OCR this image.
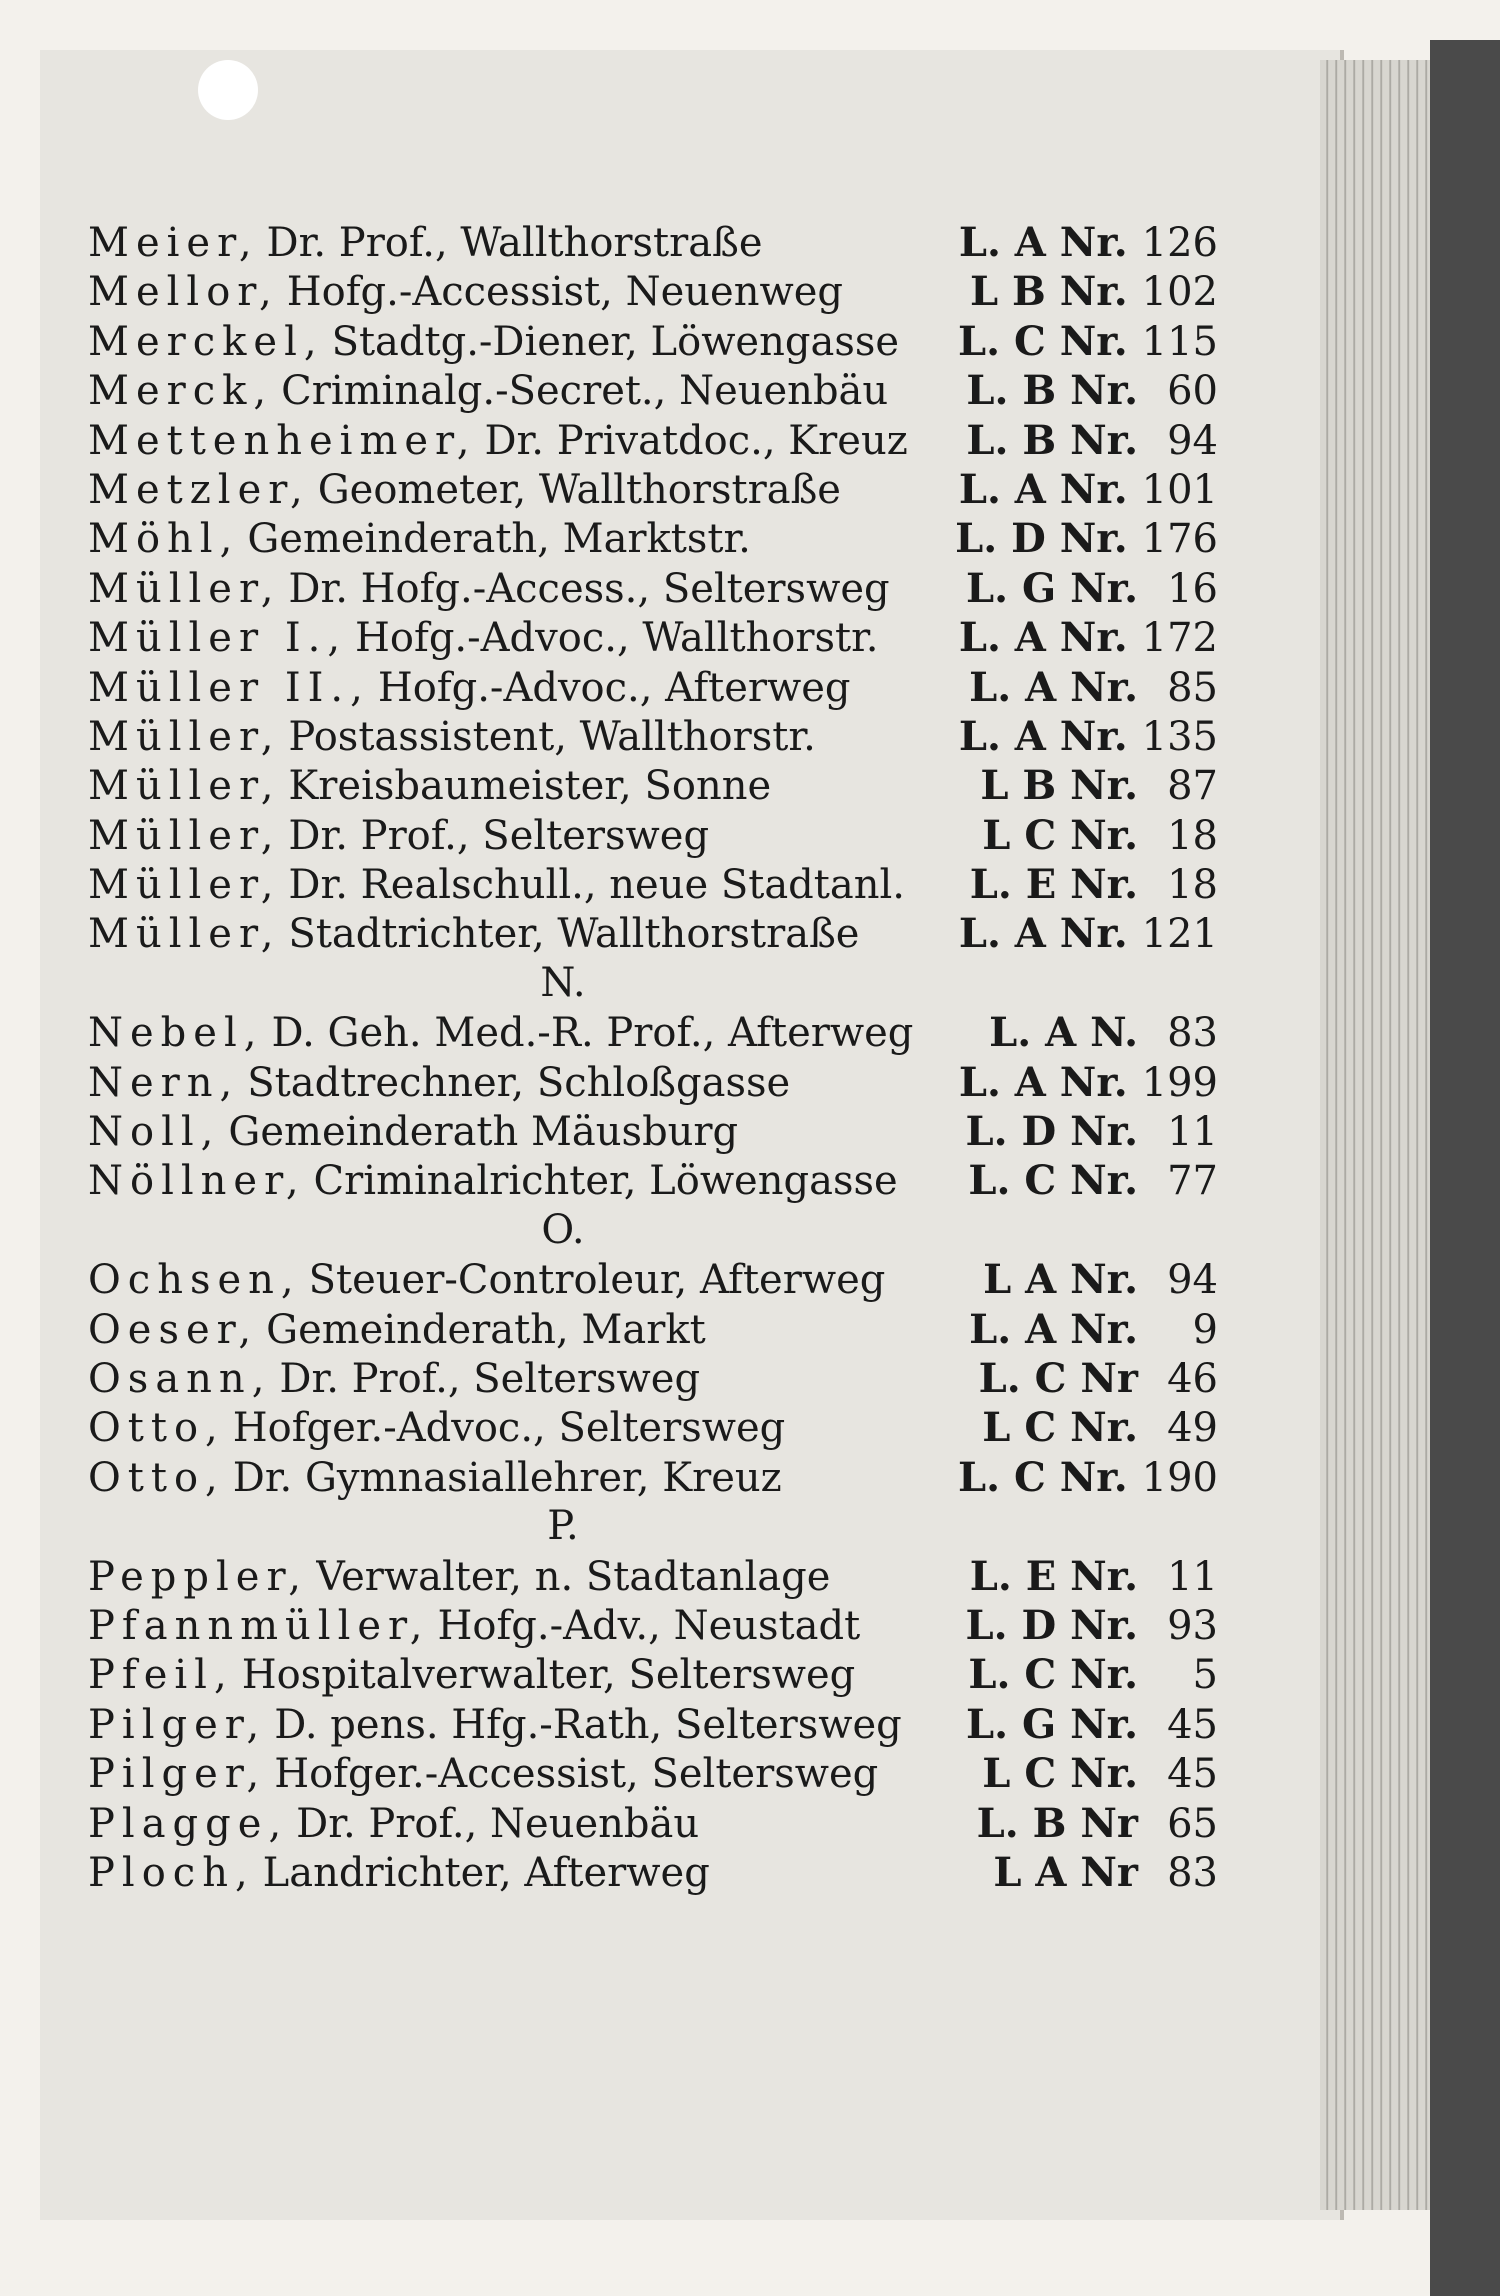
Meier, Dr. Prof., Wallthorstraße	L. A Nr. 126
Mellor, Hofg.-Accessist, Neuenweg	L B Nr. 102
Merckel, Stadtg.-Diener, Löwengasse	L. C Nr. 115
Merck, Criminalg.-Secret., Neuenbäu	L. B Nr. 60
Mettenheimer, Dr. Privatdoc., Kreuz	L. B Nr. 94
Metzler, Geometer, Wallthorstraße	L. A Nr. 101
Möhl, Gemeinderath, Marktstr.	L. D Nr. 176
Müller, Dr. Hofg.-Access., Seltersweg	L. G Nr. 16
Müller I., Hofg.-Advoc., Wallthorstr.	L. A Nr. 172
Müller II., Hofg.-Advoc., Afterweg	L. A Nr. 85
Müller, Postassistent, Wallthorstr.	L. A Nr. 135
Müller, Kreisbaumeister, Sonne	L B Nr. 87
Müller, Dr. Prof., Seltersweg	L C Nr. 18
Müller, Dr. Realschull., neue Stadtanl.	L. E Nr. 18
Müller, Stadtrichter, Wallthorstraße	L. A Nr. 121
N.
Nebel, D. Geh. Med.-R. Prof., Afterweg	L. A N. 83
Nern, Stadtrechner, Schloßgasse	L. A Nr. 199
Noll, Gemeinderath Mäusburg	L. D Nr. 11
Nöllner, Criminalrichter, Löwengasse	L. C Nr. 77
O.
Ochsen, Steuer-Controleur, Afterweg	L A Nr. 94
Oeser, Gemeinderath, Markt	L. A Nr.	9
Osann, Dr. Prof., Seltersweg	L. C Nr 46
Otto, Hofger.-Advoc., Seltersweg	L C Nr. 49
Otto, Dr. Gymnasiallehrer, Kreuz	L. C Nr. 190
P.
Peppler, Verwalter, n. Stadtanlage	L. E Nr. 11
Pfannmüller, Hofg.-Adv., Neustadt	L. D Nr. 93
Pfeil, Hospitalverwalter, Seltersweg	L. C Nr.	5
Pilger, D. pens. Hfg.-Rath, Seltersweg	L. G Nr. 45
Pilger, Hofger.-Accessist, Seltersweg	L C Nr. 45
Plagge, Dr. Prof., Neuenbäu	L. B Nr 65
Ploch, Landrichter, Afterweg	L A Nr 83
